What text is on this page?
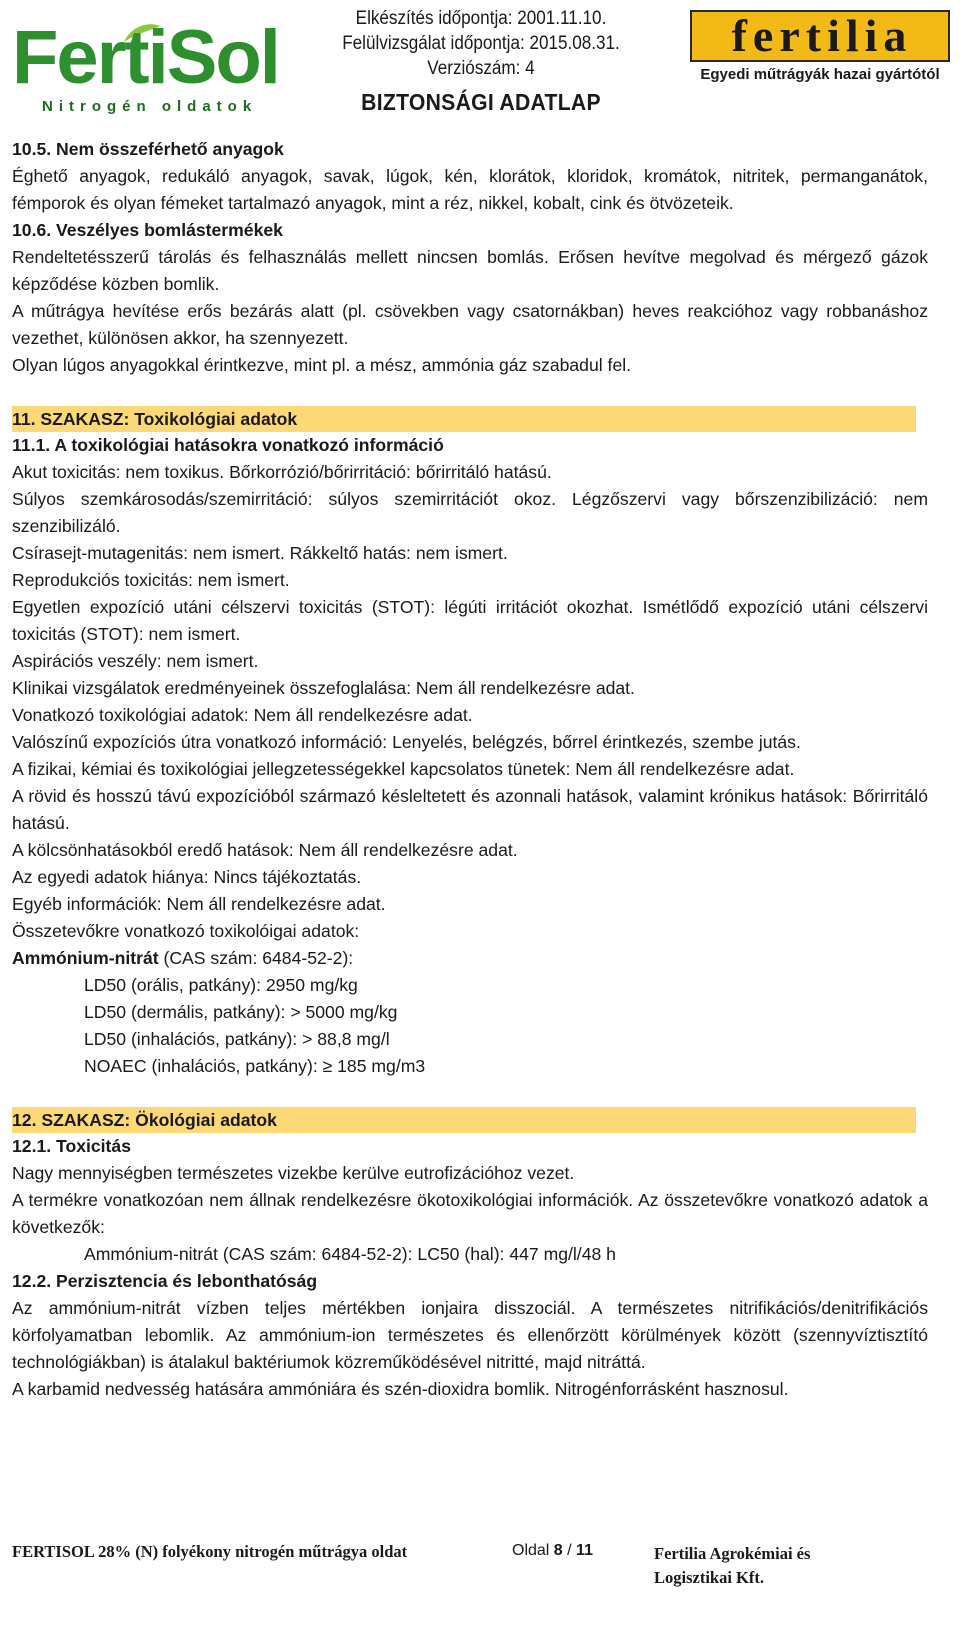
FertiSol
Nitrogén oldatok
Elkészítés időpontja: 2001.11.10.
Felülvizsgálat időpontja: 2015.08.31.
Verziószám: 4
BIZTONSÁGI ADATLAP
fertilia
Egyedi műtrágyák hazai gyártótól

10.5. Nem összeférhető anyagok

Éghető anyagok, redukáló anyagok, savak, lúgok, kén, klorátok, kloridok, kromátok, nitritek, permanganátok, fémporok és olyan fémeket tartalmazó anyagok, mint a réz, nikkel, kobalt, cink és ötvözeteik.

10.6. Veszélyes bomlástermékek

Rendeltetésszerű tárolás és felhasználás mellett nincsen bomlás. Erősen hevítve megolvad és mérgező gázok képződése közben bomlik.

A műtrágya hevítése erős bezárás alatt (pl. csövekben vagy csatornákban) heves reakcióhoz vagy robbanáshoz vezethet, különösen akkor, ha szennyezett.

Olyan lúgos anyagokkal érintkezve, mint pl. a mész, ammónia gáz szabadul fel.

11. SZAKASZ: Toxikológiai adatok

11.1. A toxikológiai hatásokra vonatkozó információ

Akut toxicitás: nem toxikus. Bőrkorrózió/bőrirritáció: bőrirritáló hatású.

Súlyos szemkárosodás/szemirritáció: súlyos szemirritációt okoz. Légzőszervi vagy bőrszenzibilizáció: nem szenzibilizáló.

Csírasejt-mutagenitás: nem ismert. Rákkeltő hatás: nem ismert.

Reprodukciós toxicitás: nem ismert.

Egyetlen expozíció utáni célszervi toxicitás (STOT): légúti irritációt okozhat. Ismétlődő expozíció utáni célszervi toxicitás (STOT): nem ismert.

Aspirációs veszély: nem ismert.

Klinikai vizsgálatok eredményeinek összefoglalása: Nem áll rendelkezésre adat.

Vonatkozó toxikológiai adatok: Nem áll rendelkezésre adat.

Valószínű expozíciós útra vonatkozó információ: Lenyelés, belégzés, bőrrel érintkezés, szembe jutás.

A fizikai, kémiai és toxikológiai jellegzetességekkel kapcsolatos tünetek: Nem áll rendelkezésre adat.

A rövid és hosszú távú expozícióból származó késleltetett és azonnali hatások, valamint krónikus hatások: Bőrirritáló hatású.

A kölcsönhatásokból eredő hatások: Nem áll rendelkezésre adat.

Az egyedi adatok hiánya: Nincs tájékoztatás.

Egyéb információk: Nem áll rendelkezésre adat.

Összetevőkre vonatkozó toxikolóigai adatok:

Ammónium-nitrát (CAS szám: 6484-52-2):

LD50 (orális, patkány): 2950 mg/kg

LD50 (dermális, patkány): > 5000 mg/kg

LD50 (inhalációs, patkány): > 88,8 mg/l

NOAEC (inhalációs, patkány): ≥ 185 mg/m3

12. SZAKASZ: Ökológiai adatok

12.1. Toxicitás

Nagy mennyiségben természetes vizekbe kerülve eutrofizációhoz vezet.

A termékre vonatkozóan nem állnak rendelkezésre ökotoxikológiai információk. Az összetevőkre vonatkozó adatok a következők:

Ammónium-nitrát (CAS szám: 6484-52-2): LC50 (hal): 447 mg/l/48 h

12.2. Perzisztencia és lebonthatóság

Az ammónium-nitrát vízben teljes mértékben ionjaira disszociál. A természetes nitrifikációs/denitrifikációs körfolyamatban lebomlik. Az ammónium-ion természetes és ellenőrzött körülmények között (szennyvíztisztító technológiákban) is átalakul baktériumok közreműködésével nitritté, majd nitráttá.

A karbamid nedvesség hatására ammóniára és szén-dioxidra bomlik. Nitrogénforrásként hasznosul.

FERTISOL 28% (N) folyékony nitrogén műtrágya oldat	Oldal 8 / 11	Fertilia Agrokémiai és
Logisztikai Kft.
